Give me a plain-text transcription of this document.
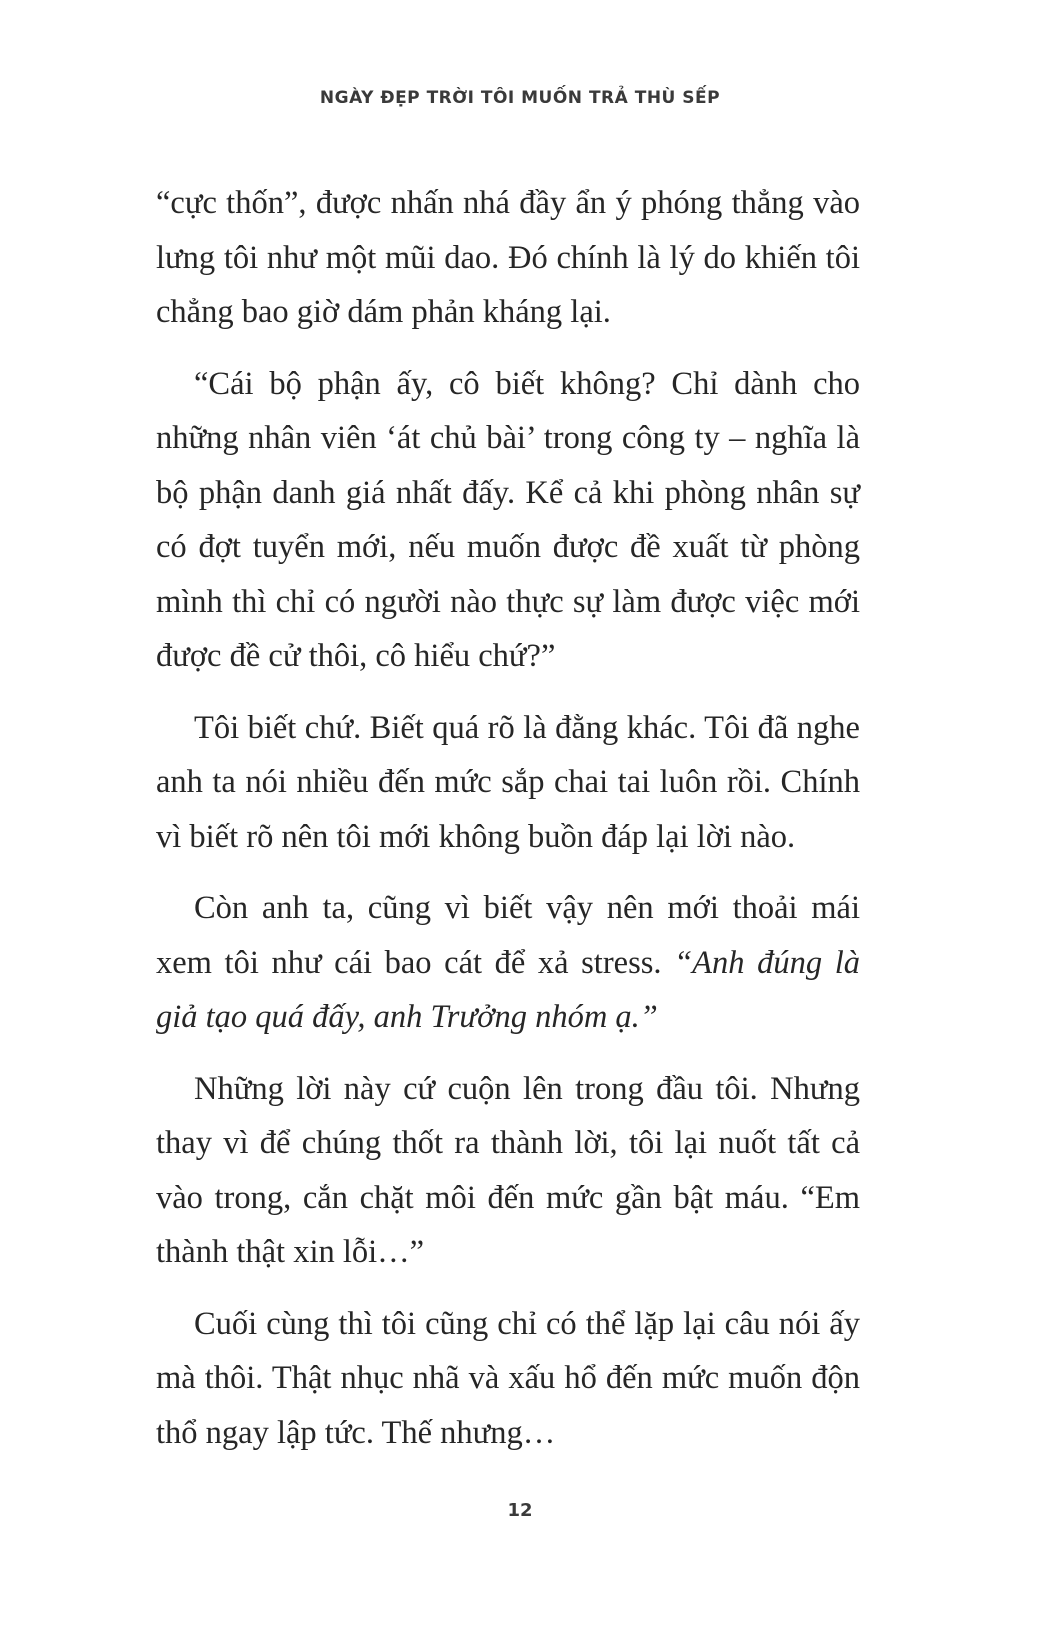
NGÀY ĐẸP TRỜI TÔI MUỐN TRẢ THÙ SẾP

“cực thốn”, được nhấn nhá đầy ẩn ý phóng thẳng vào lưng tôi như một mũi dao. Đó chính là lý do khiến tôi chẳng bao giờ dám phản kháng lại.

“Cái bộ phận ấy, cô biết không? Chỉ dành cho những nhân viên ‘át chủ bài’ trong công ty – nghĩa là bộ phận danh giá nhất đấy. Kể cả khi phòng nhân sự có đợt tuyển mới, nếu muốn được đề xuất từ phòng mình thì chỉ có người nào thực sự làm được việc mới được đề cử thôi, cô hiểu chứ?”

Tôi biết chứ. Biết quá rõ là đằng khác. Tôi đã nghe anh ta nói nhiều đến mức sắp chai tai luôn rồi. Chính vì biết rõ nên tôi mới không buồn đáp lại lời nào.

Còn anh ta, cũng vì biết vậy nên mới thoải mái xem tôi như cái bao cát để xả stress. “Anh đúng là giả tạo quá đấy, anh Trưởng nhóm ạ.”

Những lời này cứ cuộn lên trong đầu tôi. Nhưng thay vì để chúng thốt ra thành lời, tôi lại nuốt tất cả vào trong, cắn chặt môi đến mức gần bật máu. “Em thành thật xin lỗi…”

Cuối cùng thì tôi cũng chỉ có thể lặp lại câu nói ấy mà thôi. Thật nhục nhã và xấu hổ đến mức muốn độn thổ ngay lập tức. Thế nhưng…

12
